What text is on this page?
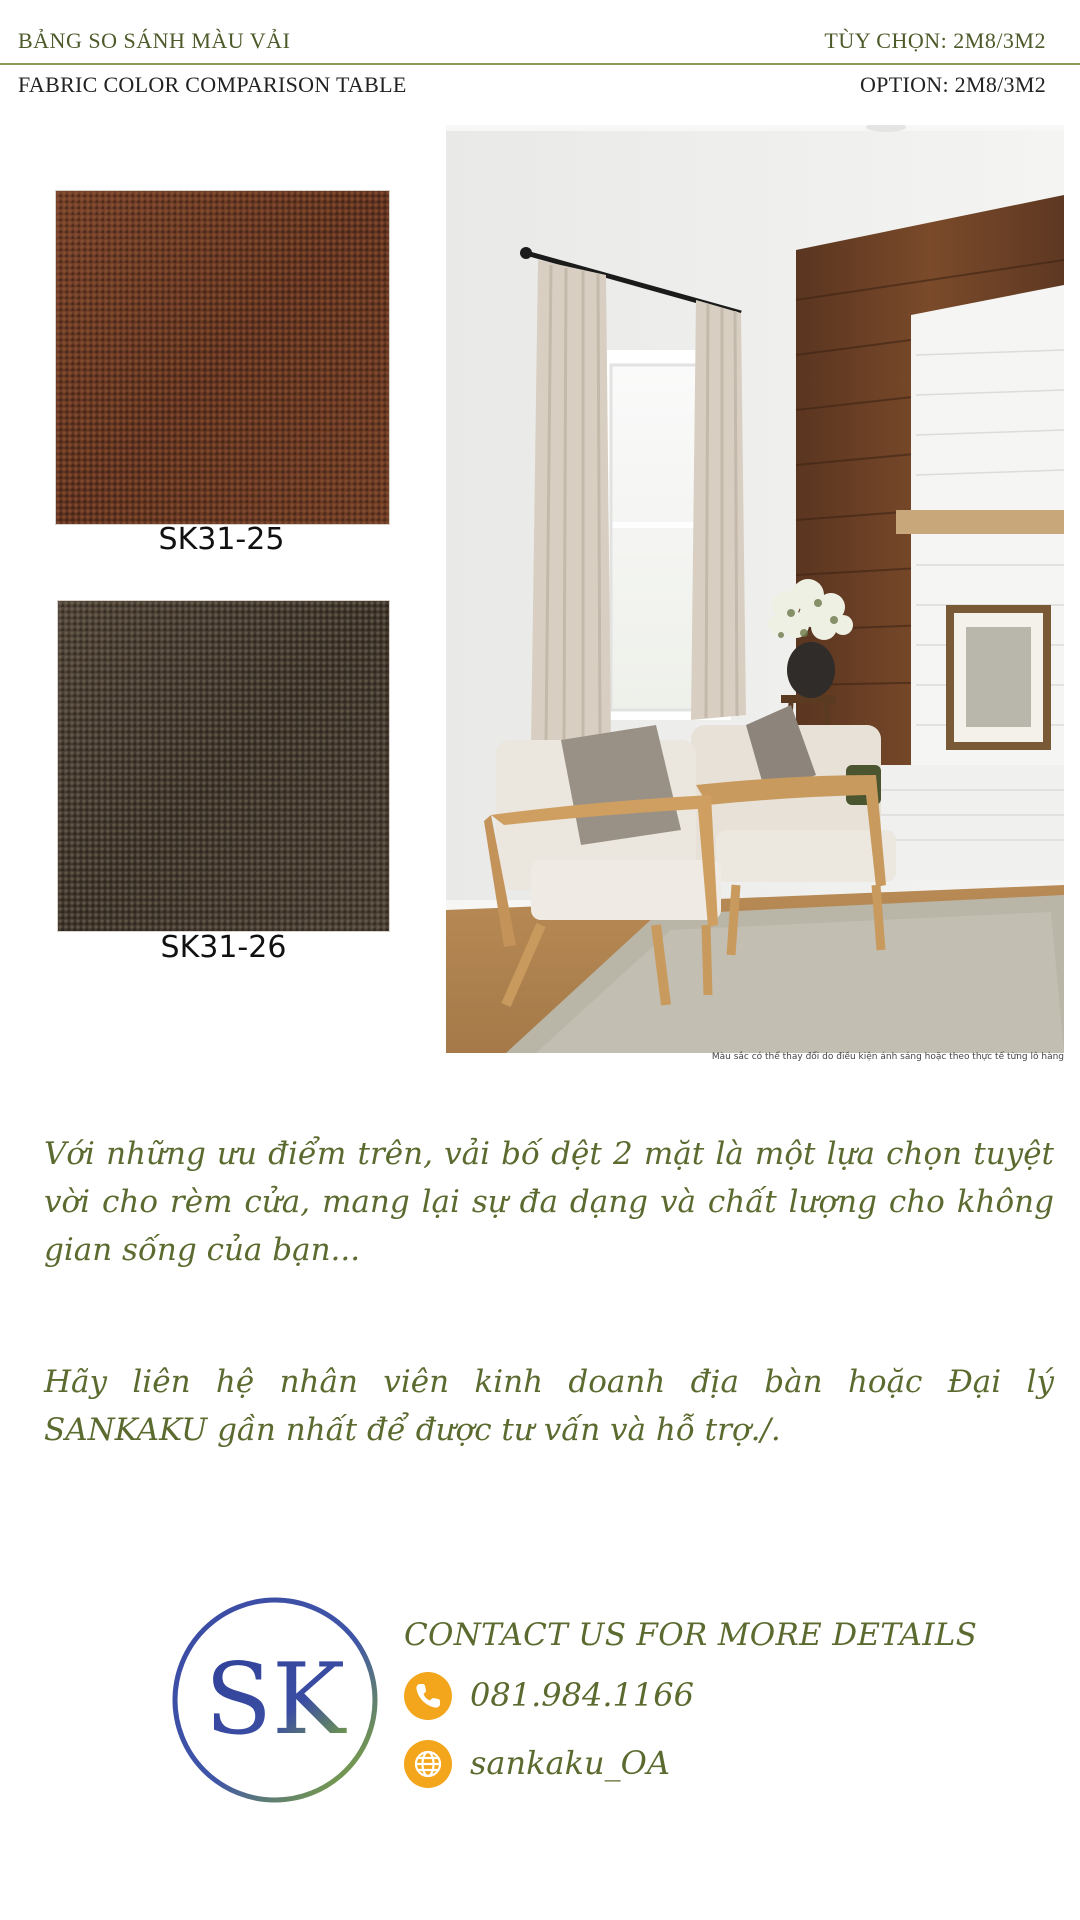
BẢNG SO SÁNH MÀU VẢI	TÙY CHỌN: 2M8/3M2
FABRIC COLOR COMPARISON TABLE	OPTION: 2M8/3M2
SK31-25
SK31-26
Màu sắc có thể thay đổi do điều kiện ánh sáng hoặc theo thực tế từng lô hàng
Với những ưu điểm trên, vải bố dệt 2 mặt là một lựa chọn tuyệt vời cho rèm cửa, mang lại sự đa dạng và chất lượng cho không gian sống của bạn...
Hãy liên hệ nhân viên kinh doanh địa bàn hoặc Đại lý SANKAKU gần nhất để được tư vấn và hỗ trợ./.
SK
CONTACT US FOR MORE DETAILS
081.984.1166
sankaku_OA
